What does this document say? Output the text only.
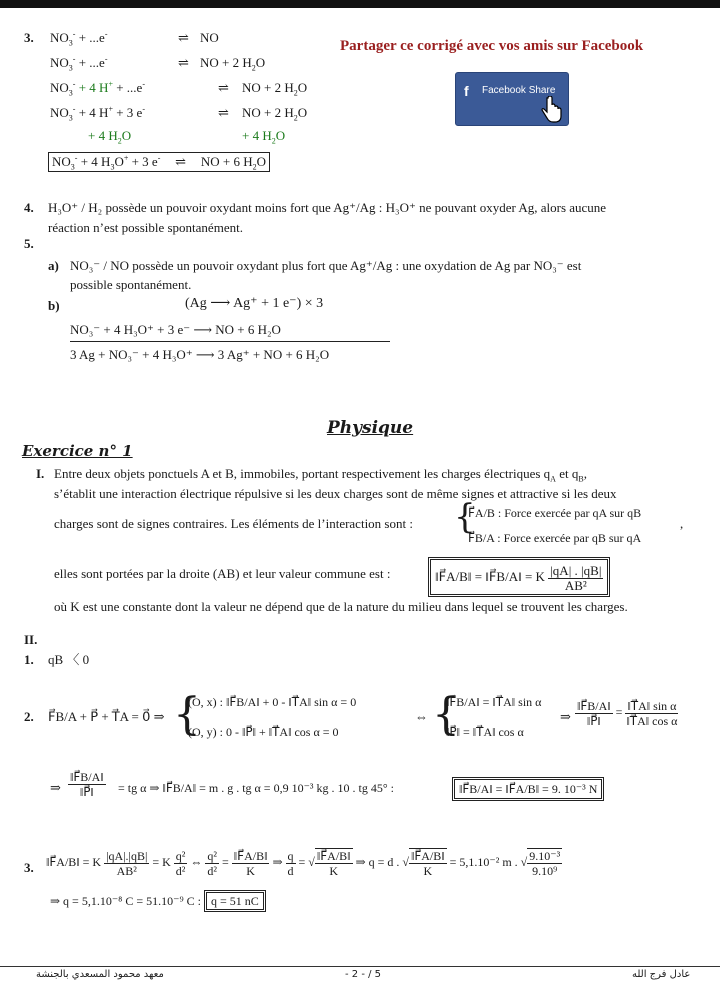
Partager ce corrigé avec vos amis sur Facebook
f Facebook Share
3. $NO_3^- + ...e^-$	⇌ NO
$NO_3^- + ...e^-$	⇌ NO + 2 $H_2O$
$NO_3^- + 4$ H+ + ...e-	⇌ NO + 2 $H_2O$
$NO_3^- + 4$ H+ + 3 e-	⇌ NO + 2 $H_2O$
+ 4 $H_2O$	+ 4 $H_2O$
$NO_3^- + 4$ $H_3O^+ + 3$ e- ⇌ NO + 6 $H_2O$
4. H₃O⁺ / H₂ possède un pouvoir oxydant moins fort que Ag⁺/Ag : H₃O⁺ ne pouvant oxyder Ag, alors aucune
réaction n’est possible spontanément.
5.
a) NO₃⁻ / NO possède un pouvoir oxydant plus fort que Ag⁺/Ag : une oxydation de Ag par NO₃⁻ est
possible spontanément.
b)	(Ag ⟶ Ag⁺ + 1 e⁻) × 3
NO₃⁻ + 4 H₃O⁺ + 3 e⁻ ⟶ NO + 6 H₂O
3 Ag + NO₃⁻ + 4 H₃O⁺ ⟶ 3 Ag⁺ + NO + 6 H₂O
Physique
Exercice n° 1
I. Entre deux objets ponctuels A et B, immobiles, portant respectivement les charges électriques $q_A$ et $q_B$,
s’établit une interaction électrique répulsive si les deux charges sont de même signes et attractive si les deux
charges sont de signes contraires. Les éléments de l’interaction sont : {
F⃗A/B : Force exercée par qA sur qB
F⃗B/A : Force exercée par qB sur qA
,
elles sont portées par la droite (AB) et leur valeur commune est :	‖F⃗A/B‖ = ‖F⃗B/A‖ = K $\frac{|qA| . |qB|}{\text{AB²}}$
où K est une constante dont la valeur ne dépend que de la nature du milieu dans lequel se trouvent les charges.
II.
1. qB 〈 0
2. F⃗B/A + P⃗ + T⃗A = 0⃗ ⇒ {
(O, x) : ‖F⃗B/A‖ + 0 - ‖T⃗A‖ sin α = 0
(O, y) : 0 - ‖P⃗‖ + ‖T⃗A‖ cos α = 0
⇔ {
‖F⃗B/A‖ = ‖T⃗A‖ sin α
‖P⃗‖ = ‖T⃗A‖ cos α
⇒ $\frac{‖F⃗B/A‖}{‖P⃗‖} = \frac{\text{‖T⃗A‖ sin α}}{\text{‖T⃗A‖ cos α}}$
⇒ $\frac{‖F⃗B/A‖}{‖P⃗‖}$ = tg α ⇒ ‖F⃗B/A‖ = m . g . tg α = 0,9 10⁻³ kg . 10 . tg 45° :	‖F⃗B/A‖ = ‖F⃗A/B‖ = 9. 10⁻³ N
3. ‖F⃗A/B‖ = K $\frac{|qA|.|qB|}{\text{AB²}} = K \frac{\text{q²}}{\text{d²}}$ ⇔ $\frac{\text{q²}}{\text{d²}} = \frac{‖F⃗A/B‖}{K}$ ⇒ $\frac{q}{d}$ = √ $\frac{‖F⃗A/B‖}{K}$ ⇒ q = d . √ $\frac{‖F⃗A/B‖}{K} = 5,1.10^{-2}$ m . √ $\frac{\text{9.10⁻³}}{\text{9.10⁹}}$
⇒ q = 5,1.10⁻⁸ C = 51.10⁻⁹ C : q = 51 nC
معهد محمود المسعدي بالجنشة	- 2 - / 5	عادل فرج الله
